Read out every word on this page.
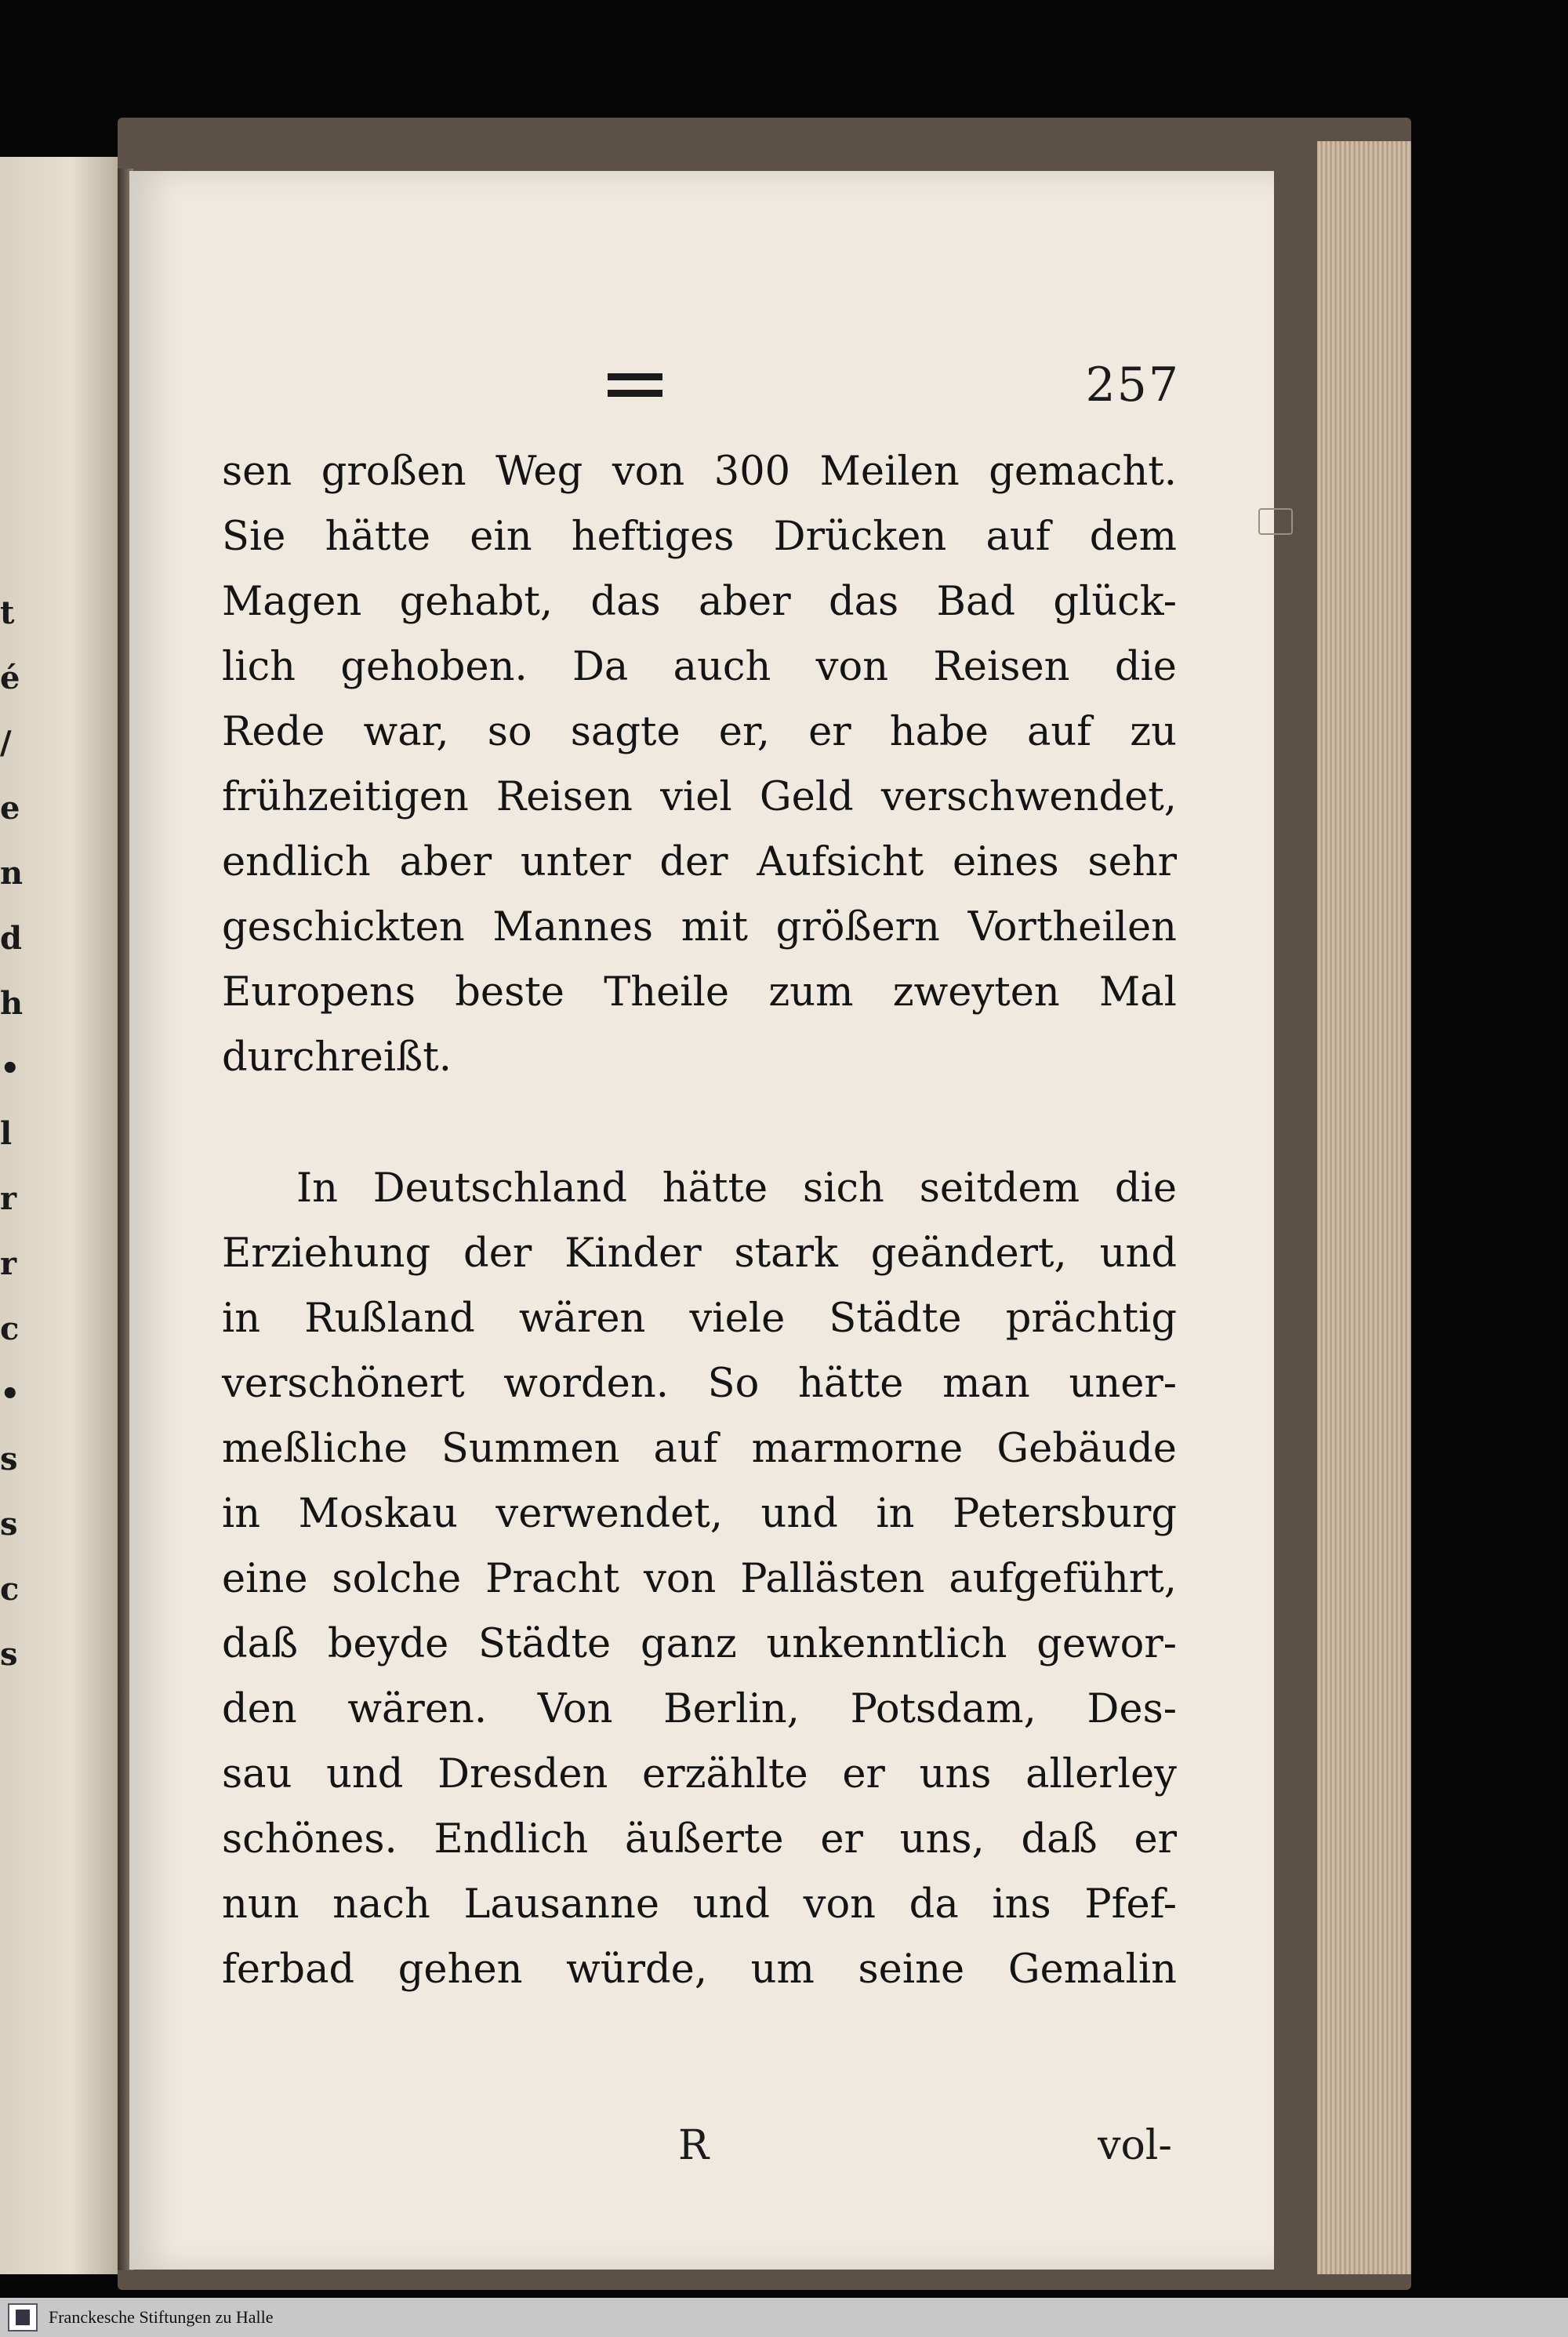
t
é
/
e
n
d
h
•
l
r
r
c
•
s
s
c
s
257
sen großen Weg von 300 Meilen gemacht.
Sie hätte ein heftiges Drücken auf dem
Magen gehabt, das aber das Bad glück-
lich gehoben. Da auch von Reisen die
Rede war, so sagte er, er habe auf zu
frühzeitigen Reisen viel Geld verschwendet,
endlich aber unter der Aufsicht eines sehr
geschickten Mannes mit größern Vortheilen
Europens beste Theile zum zweyten Mal
durchreißt.
In Deutschland hätte sich seitdem die
Erziehung der Kinder stark geändert, und
in Rußland wären viele Städte prächtig
verschönert worden. So hätte man uner-
meßliche Summen auf marmorne Gebäude
in Moskau verwendet, und in Petersburg
eine solche Pracht von Pallästen aufgeführt,
daß beyde Städte ganz unkenntlich gewor-
den wären. Von Berlin, Potsdam, Des-
sau und Dresden erzählte er uns allerley
schönes. Endlich äußerte er uns, daß er
nun nach Lausanne und von da ins Pfef-
ferbad gehen würde, um seine Gemalin
R	vol-
Franckesche Stiftungen zu Halle
